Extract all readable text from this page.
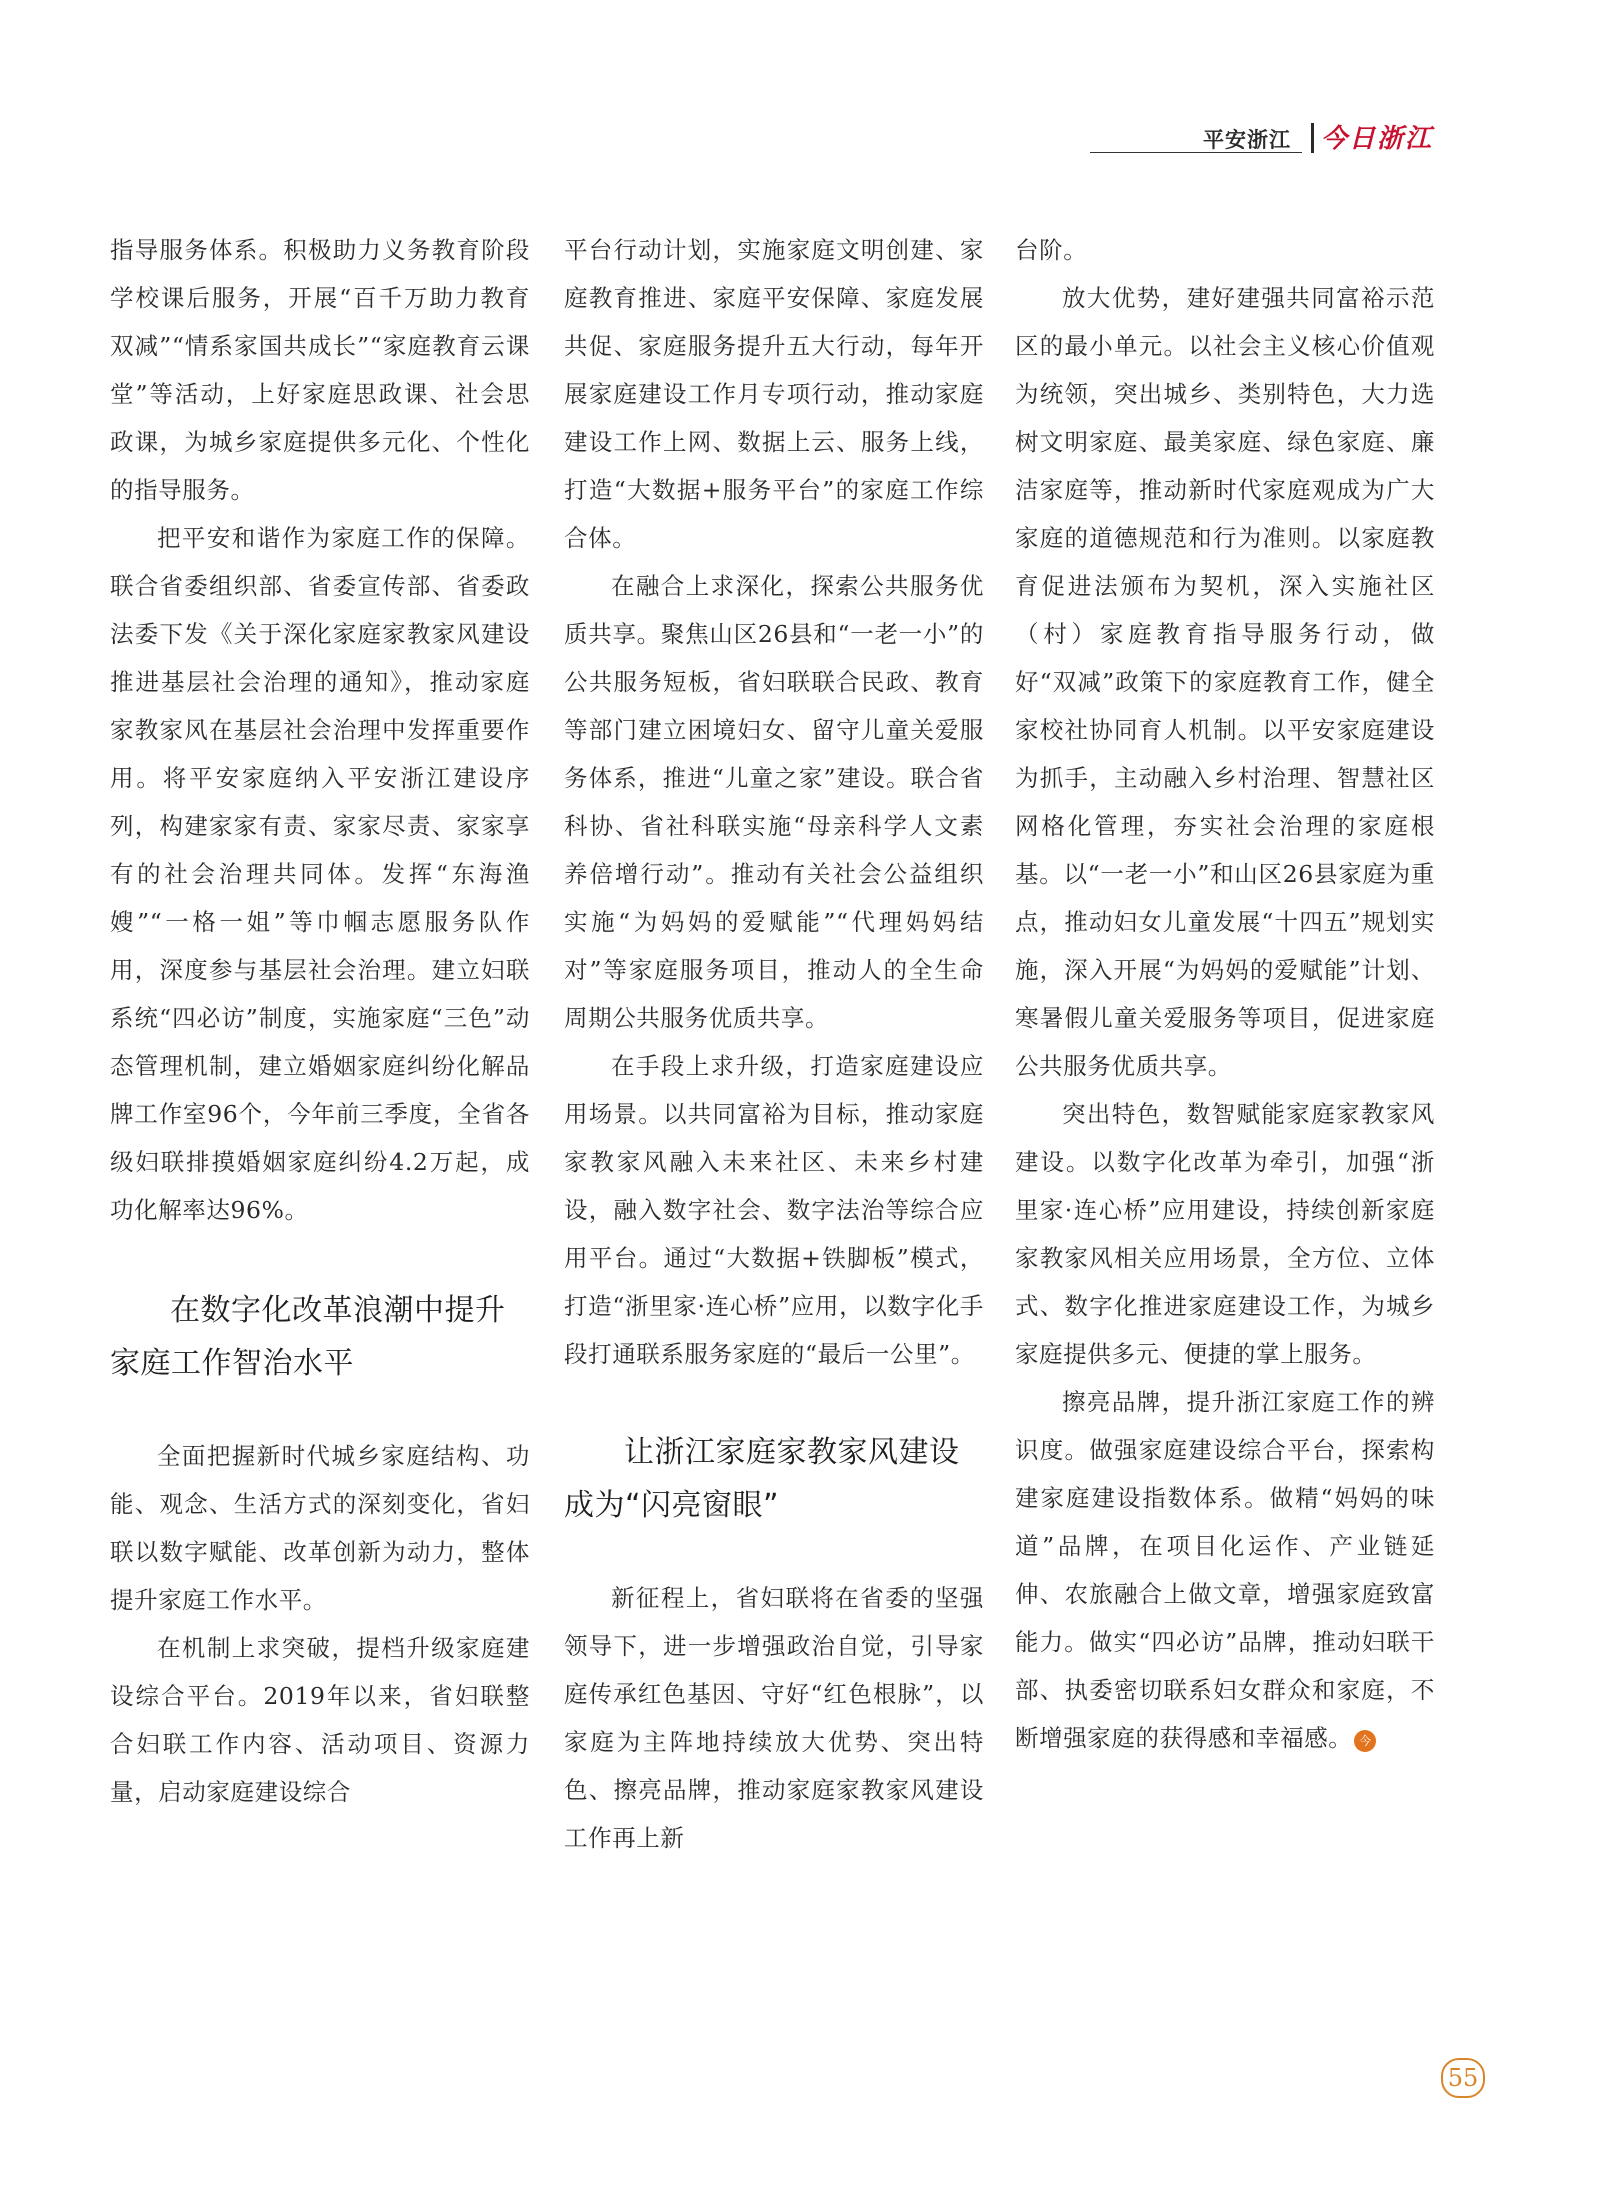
平安浙江 今日浙江

指导服务体系。积极助力义务教育阶段学校课后服务，开展“百千万助力教育双减”“情系家国共成长”“家庭教育云课堂”等活动，上好家庭思政课、社会思政课，为城乡家庭提供多元化、个性化的指导服务。

把平安和谐作为家庭工作的保障。联合省委组织部、省委宣传部、省委政法委下发《关于深化家庭家教家风建设推进基层社会治理的通知》，推动家庭家教家风在基层社会治理中发挥重要作用。将平安家庭纳入平安浙江建设序列，构建家家有责、家家尽责、家家享有的社会治理共同体。发挥“东海渔嫂”“一格一姐”等巾帼志愿服务队作用，深度参与基层社会治理。建立妇联系统“四必访”制度，实施家庭“三色”动态管理机制，建立婚姻家庭纠纷化解品牌工作室96个，今年前三季度，全省各级妇联排摸婚姻家庭纠纷4.2万起，成功化解率达96%。

在数字化改革浪潮中提升家庭工作智治水平

全面把握新时代城乡家庭结构、功能、观念、生活方式的深刻变化，省妇联以数字赋能、改革创新为动力，整体提升家庭工作水平。

在机制上求突破，提档升级家庭建设综合平台。2019年以来，省妇联整合妇联工作内容、活动项目、资源力量，启动家庭建设综合

平台行动计划，实施家庭文明创建、家庭教育推进、家庭平安保障、家庭发展共促、家庭服务提升五大行动，每年开展家庭建设工作月专项行动，推动家庭建设工作上网、数据上云、服务上线，打造“大数据+服务平台”的家庭工作综合体。

在融合上求深化，探索公共服务优质共享。聚焦山区26县和“一老一小”的公共服务短板，省妇联联合民政、教育等部门建立困境妇女、留守儿童关爱服务体系，推进“儿童之家”建设。联合省科协、省社科联实施“母亲科学人文素养倍增行动”。推动有关社会公益组织实施“为妈妈的爱赋能”“代理妈妈结对”等家庭服务项目，推动人的全生命周期公共服务优质共享。

在手段上求升级，打造家庭建设应用场景。以共同富裕为目标，推动家庭家教家风融入未来社区、未来乡村建设，融入数字社会、数字法治等综合应用平台。通过“大数据+铁脚板”模式，打造“浙里家·连心桥”应用，以数字化手段打通联系服务家庭的“最后一公里”。

让浙江家庭家教家风建设成为“闪亮窗眼”

新征程上，省妇联将在省委的坚强领导下，进一步增强政治自觉，引导家庭传承红色基因、守好“红色根脉”，以家庭为主阵地持续放大优势、突出特色、擦亮品牌，推动家庭家教家风建设工作再上新

台阶。

放大优势，建好建强共同富裕示范区的最小单元。以社会主义核心价值观为统领，突出城乡、类别特色，大力选树文明家庭、最美家庭、绿色家庭、廉洁家庭等，推动新时代家庭观成为广大家庭的道德规范和行为准则。以家庭教育促进法颁布为契机，深入实施社区（村）家庭教育指导服务行动，做好“双减”政策下的家庭教育工作，健全家校社协同育人机制。以平安家庭建设为抓手，主动融入乡村治理、智慧社区网格化管理，夯实社会治理的家庭根基。以“一老一小”和山区26县家庭为重点，推动妇女儿童发展“十四五”规划实施，深入开展“为妈妈的爱赋能”计划、寒暑假儿童关爱服务等项目，促进家庭公共服务优质共享。

突出特色，数智赋能家庭家教家风建设。以数字化改革为牵引，加强“浙里家·连心桥”应用建设，持续创新家庭家教家风相关应用场景，全方位、立体式、数字化推进家庭建设工作，为城乡家庭提供多元、便捷的掌上服务。

擦亮品牌，提升浙江家庭工作的辨识度。做强家庭建设综合平台，探索构建家庭建设指数体系。做精“妈妈的味道”品牌，在项目化运作、产业链延伸、农旅融合上做文章，增强家庭致富能力。做实“四必访”品牌，推动妇联干部、执委密切联系妇女群众和家庭，不断增强家庭的获得感和幸福感。 今

55
